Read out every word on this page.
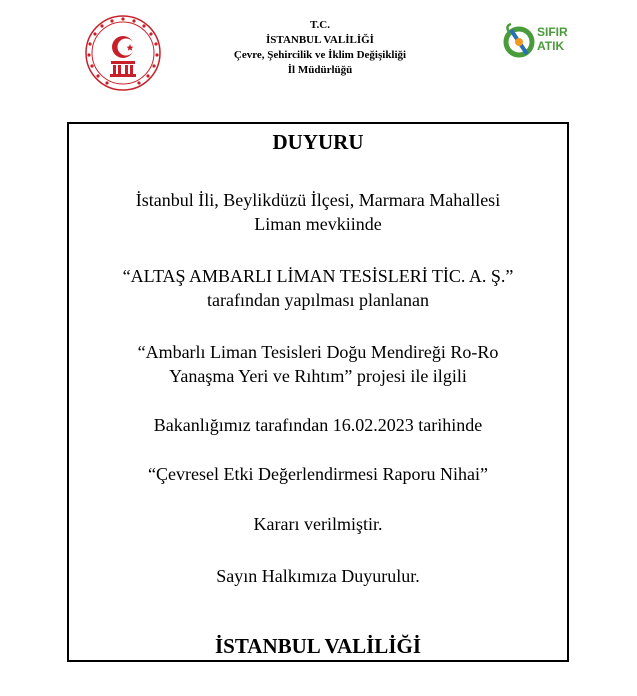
T.C.
İSTANBUL VALİLİĞİ
Çevre, Şehircilik ve İklim Değişikliği
İl Müdürlüğü
SIFIR
ATIK
DUYURU
İstanbul İli, Beylikdüzü İlçesi, Marmara Mahallesi
Liman mevkiinde
“ALTAŞ AMBARLI LİMAN TESİSLERİ TİC. A. Ş.”
tarafından yapılması planlanan
“Ambarlı Liman Tesisleri Doğu Mendireği Ro-Ro
Yanaşma Yeri ve Rıhtım” projesi ile ilgili
Bakanlığımız tarafından 16.02.2023 tarihinde
“Çevresel Etki Değerlendirmesi Raporu Nihai”
Kararı verilmiştir.
Sayın Halkımıza Duyurulur.
İSTANBUL VALİLİĞİ
